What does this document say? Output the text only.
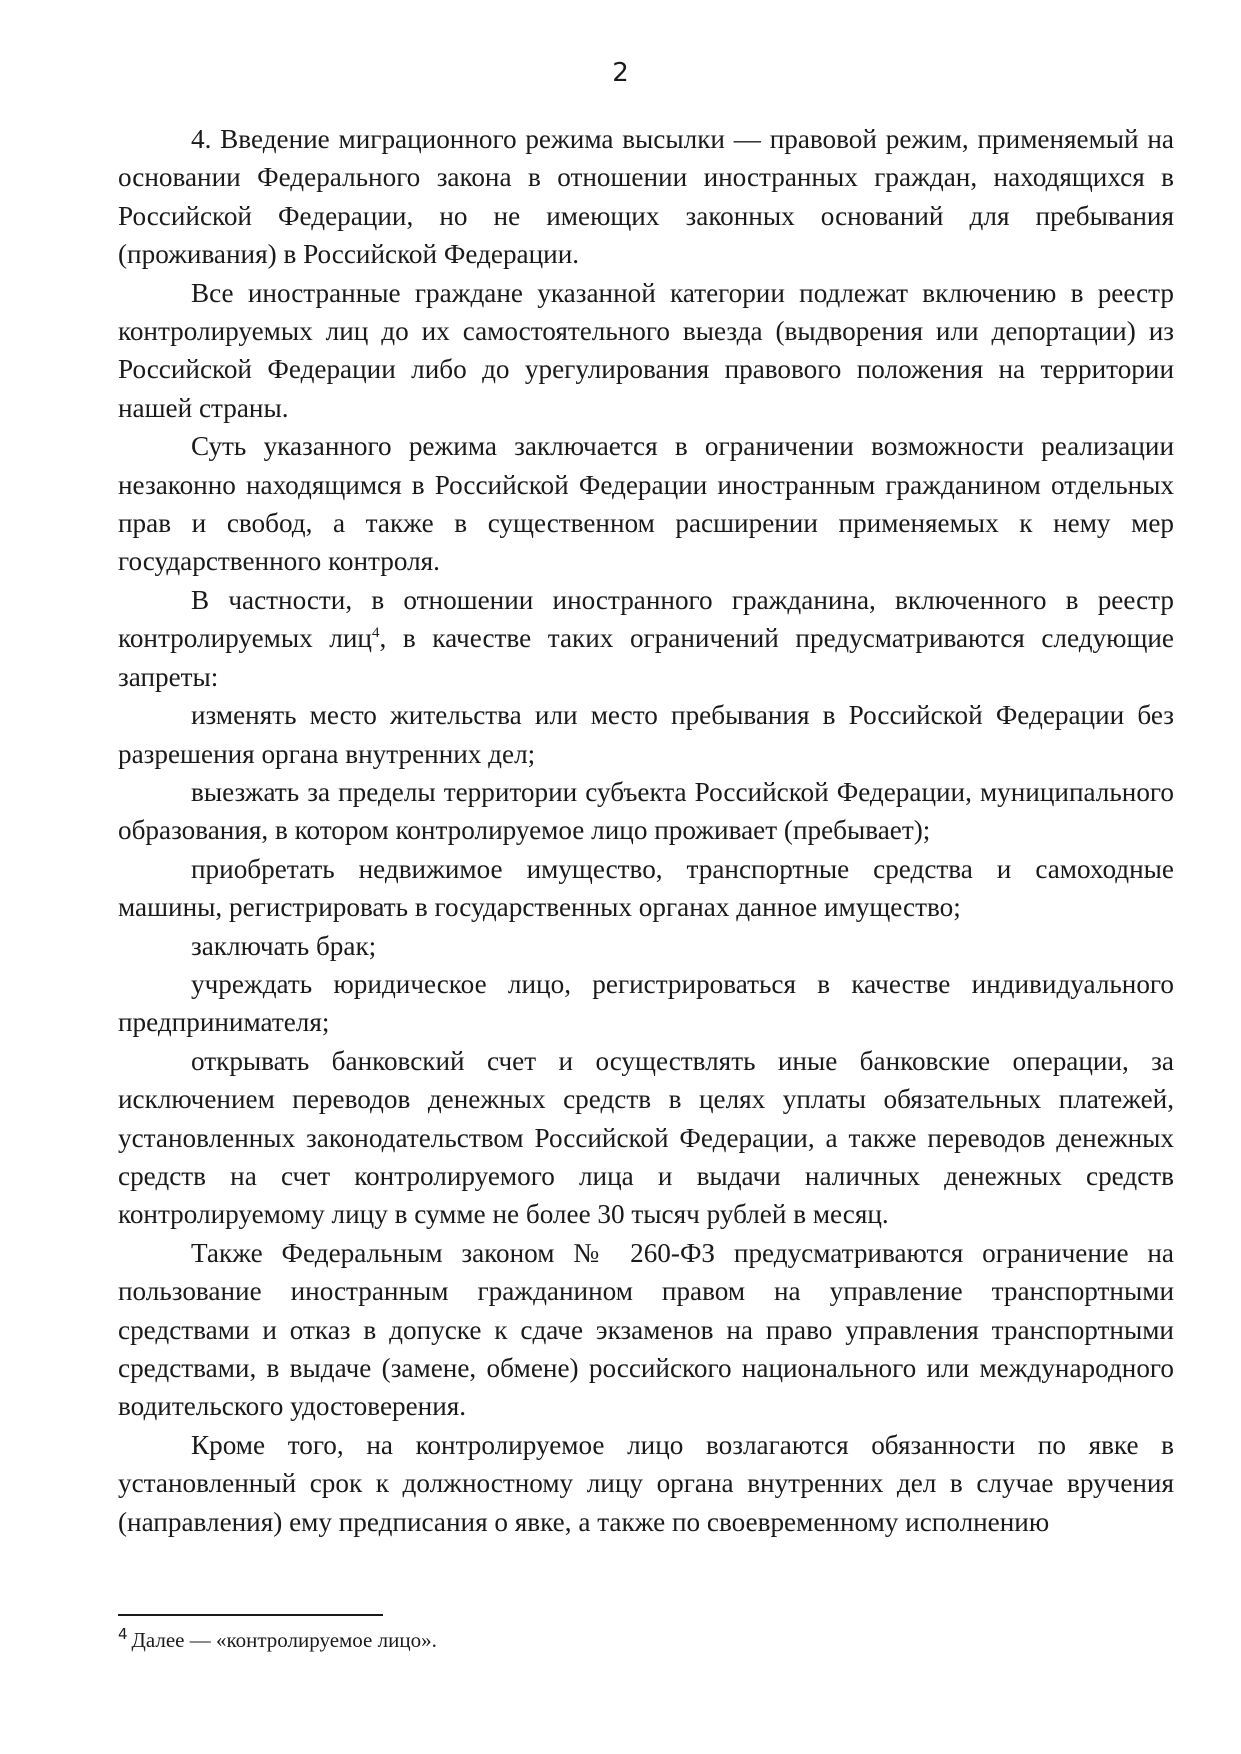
2

4. Введение миграционного режима высылки — правовой режим, применяемый на основании Федерального закона в отношении иностранных граждан, находящихся в Российской Федерации, но не имеющих законных оснований для пребывания (проживания) в Российской Федерации.

Все иностранные граждане указанной категории подлежат включению в реестр контролируемых лиц до их самостоятельного выезда (выдворения или депортации) из Российской Федерации либо до урегулирования правового положения на территории нашей страны.

Суть указанного режима заключается в ограничении возможности реализации незаконно находящимся в Российской Федерации иностранным гражданином отдельных прав и свобод, а также в существенном расширении применяемых к нему мер государственного контроля.

В частности, в отношении иностранного гражданина, включенного в реестр контролируемых лиц$^4$, в качестве таких ограничений предусматриваются следующие запреты:

изменять место жительства или место пребывания в Российской Федерации без разрешения органа внутренних дел;

выезжать за пределы территории субъекта Российской Федерации, муниципального образования, в котором контролируемое лицо проживает (пребывает);

приобретать недвижимое имущество, транспортные средства и самоходные машины, регистрировать в государственных органах данное имущество;

заключать брак;

учреждать юридическое лицо, регистрироваться в качестве индивидуального предпринимателя;

открывать банковский счет и осуществлять иные банковские операции, за исключением переводов денежных средств в целях уплаты обязательных платежей, установленных законодательством Российской Федерации, а также переводов денежных средств на счет контролируемого лица и выдачи наличных денежных средств контролируемому лицу в сумме не более 30 тысяч рублей в месяц.

Также Федеральным законом № 260-ФЗ предусматриваются ограничение на пользование иностранным гражданином правом на управление транспортными средствами и отказ в допуске к сдаче экзаменов на право управления транспортными средствами, в выдаче (замене, обмене) российского национального или международного водительского удостоверения.

Кроме того, на контролируемое лицо возлагаются обязанности по явке в установленный срок к должностному лицу органа внутренних дел в случае вручения (направления) ему предписания о явке, а также по своевременному исполнению

$^4$ Далее — «контролируемое лицо».
